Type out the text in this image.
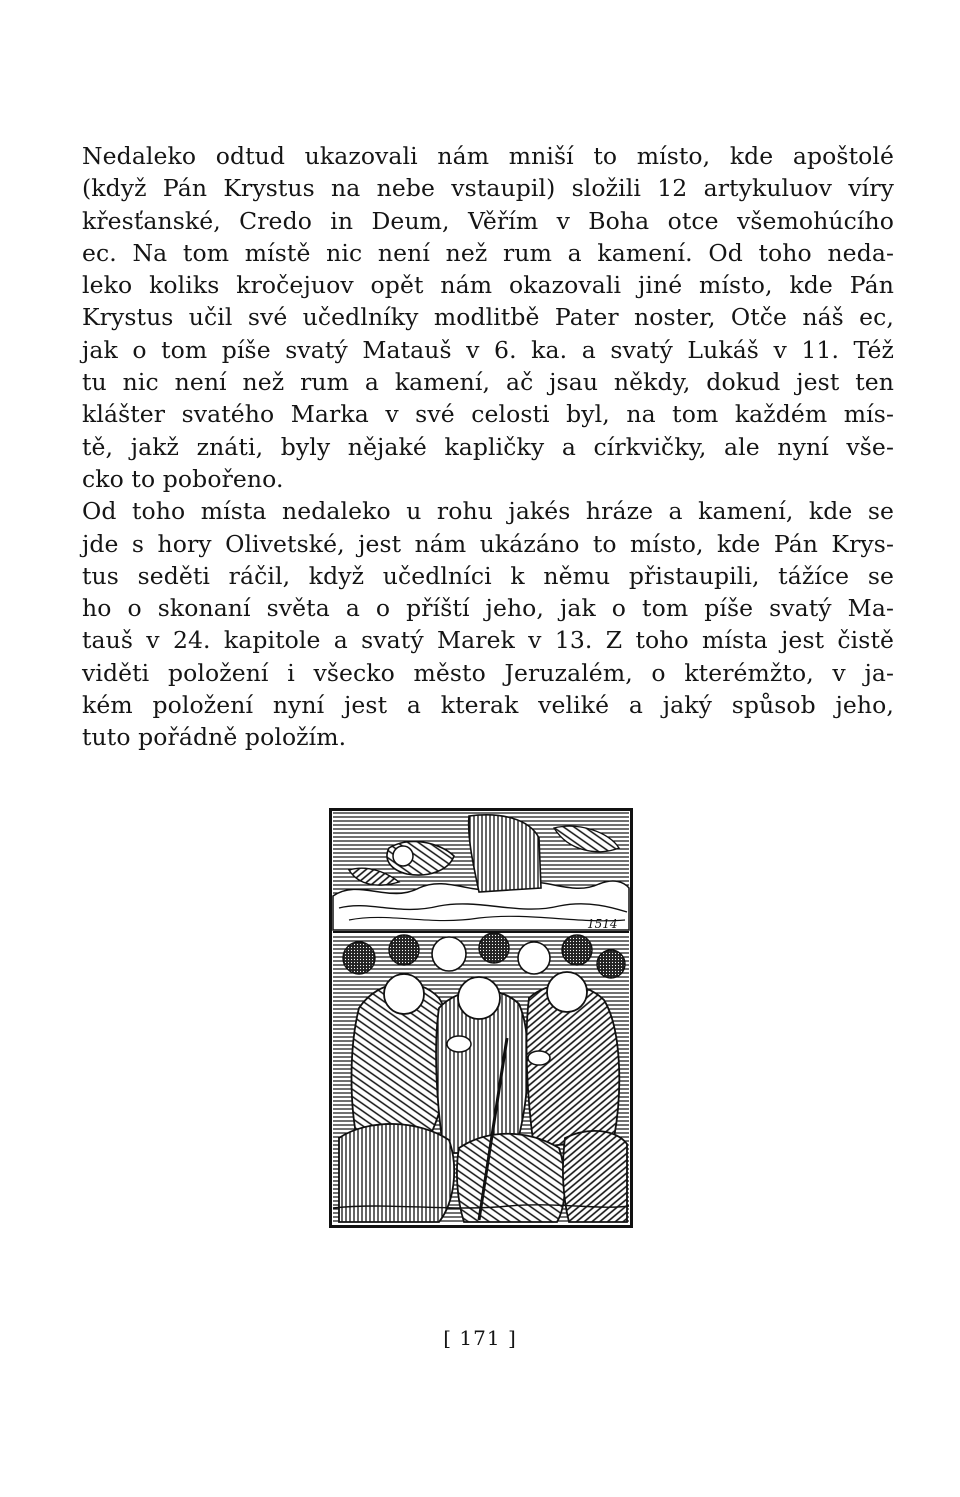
Nedaleko odtud ukazovali nám mniší to místo, kde apoštolé
(když Pán Krystus na nebe vstaupil) složili 12 artykuluov víry
křesťanské, Credo in Deum, Věřím v Boha otce všemohúcího
ec. Na tom místě nic není než rum a kamení. Od toho neda-
leko koliks kročejuov opět nám okazovali jiné místo, kde Pán
Krystus učil své učedlníky modlitbě Pater noster, Otče náš ec,
jak o tom píše svatý Matauš v 6. ka. a svatý Lukáš v 11. Též
tu nic není než rum a kamení, ač jsau někdy, dokud jest ten
klášter svatého Marka v své celosti byl, na tom každém mís-
tě, jakž znáti, byly nějaké kapličky a církvičky, ale nyní vše-
cko to pobořeno.
Od toho místa nedaleko u rohu jakés hráze a kamení, kde se
jde s hory Olivetské, jest nám ukázáno to místo, kde Pán Krys-
tus seděti ráčil, když učedlníci k němu přistaupili, tážíce se
ho o skonaní světa a o příští jeho, jak o tom píše svatý Ma-
tauš v 24. kapitole a svatý Marek v 13. Z toho místa jest čistě
viděti položení i všecko město Jeruzalém, o kterémžto, v ja-
kém položení nyní jest a kterak veliké a jaký spůsob jeho,
tuto pořádně položím.
1514
[ 171 ]
